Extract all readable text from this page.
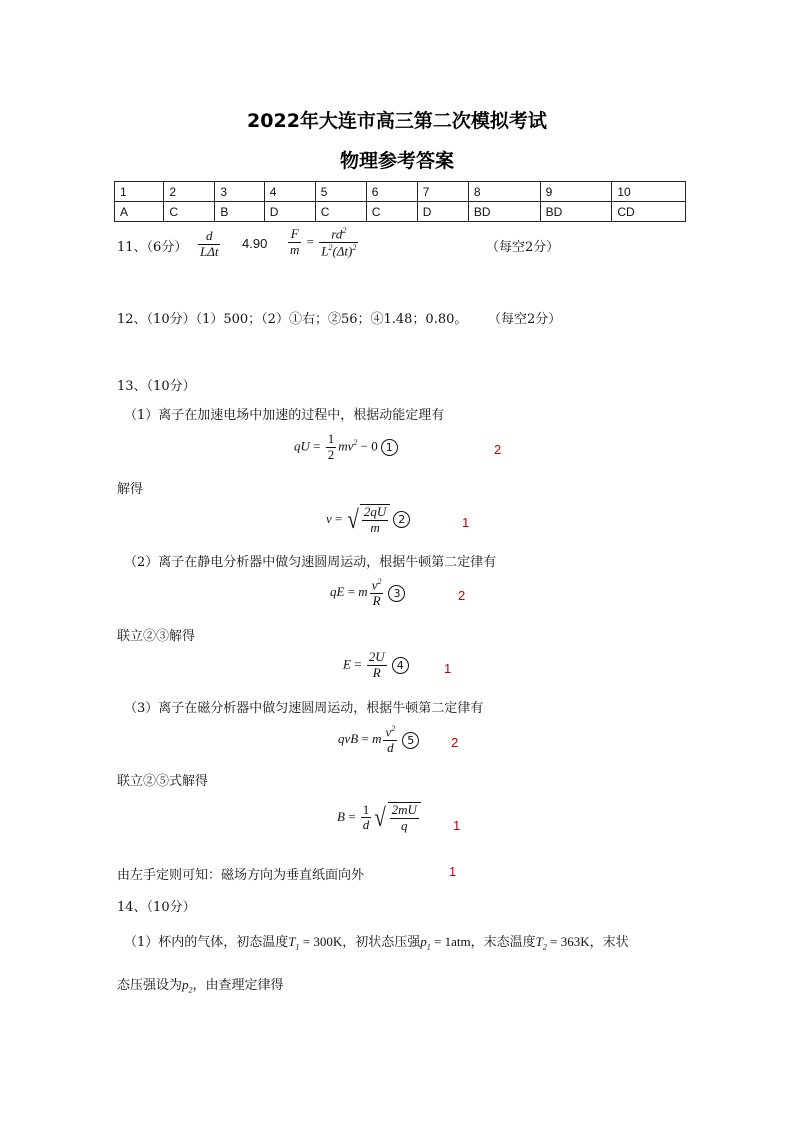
2022年大连市高三第二次模拟考试
物理参考答案
1	2	3	4	5	6	7	8	9	10
A	C	B	D	C	C	D	BD	BD	CD
11、（6分） $\frac{d}{\text{LΔt}} 4.90 \frac{F}{m} = \frac{rd^2}{L^2(\Delta t)^2}$	（每空2分）
12、（10分）（1）500；（2）①右；②56；④1.48；0.80。 （每空2分）
13、（10分）
（1）离子在加速电场中加速的过程中，根据动能定理有
qU = $\frac{1}{2} mv^2 - 0$ 1	2
解得
v = √ $\frac{2qU}{m} 2$	1
（2）离子在静电分析器中做匀速圆周运动，根据牛顿第二定律有
qE = m $\frac{v^2}{R} 3$	2
联立②③解得
$E = \frac{2U}{R} 4$	1
（3）离子在磁分析器中做匀速圆周运动，根据牛顿第二定律有
qvB = m $\frac{v^2}{d} 5$	2
联立②⑤式解得
$B = \frac{1}{d}$ √ $\frac{2mU}{q}$	1
由左手定则可知：磁场方向为垂直纸面向外	1
14、（10分）
（1）杯内的气体，初态温度$T_1 = 300K$，初状态压强$p_1 = 1atm$，末态温度$T_2 = 363K$，末状
态压强设为$p_2$，由查理定律得
